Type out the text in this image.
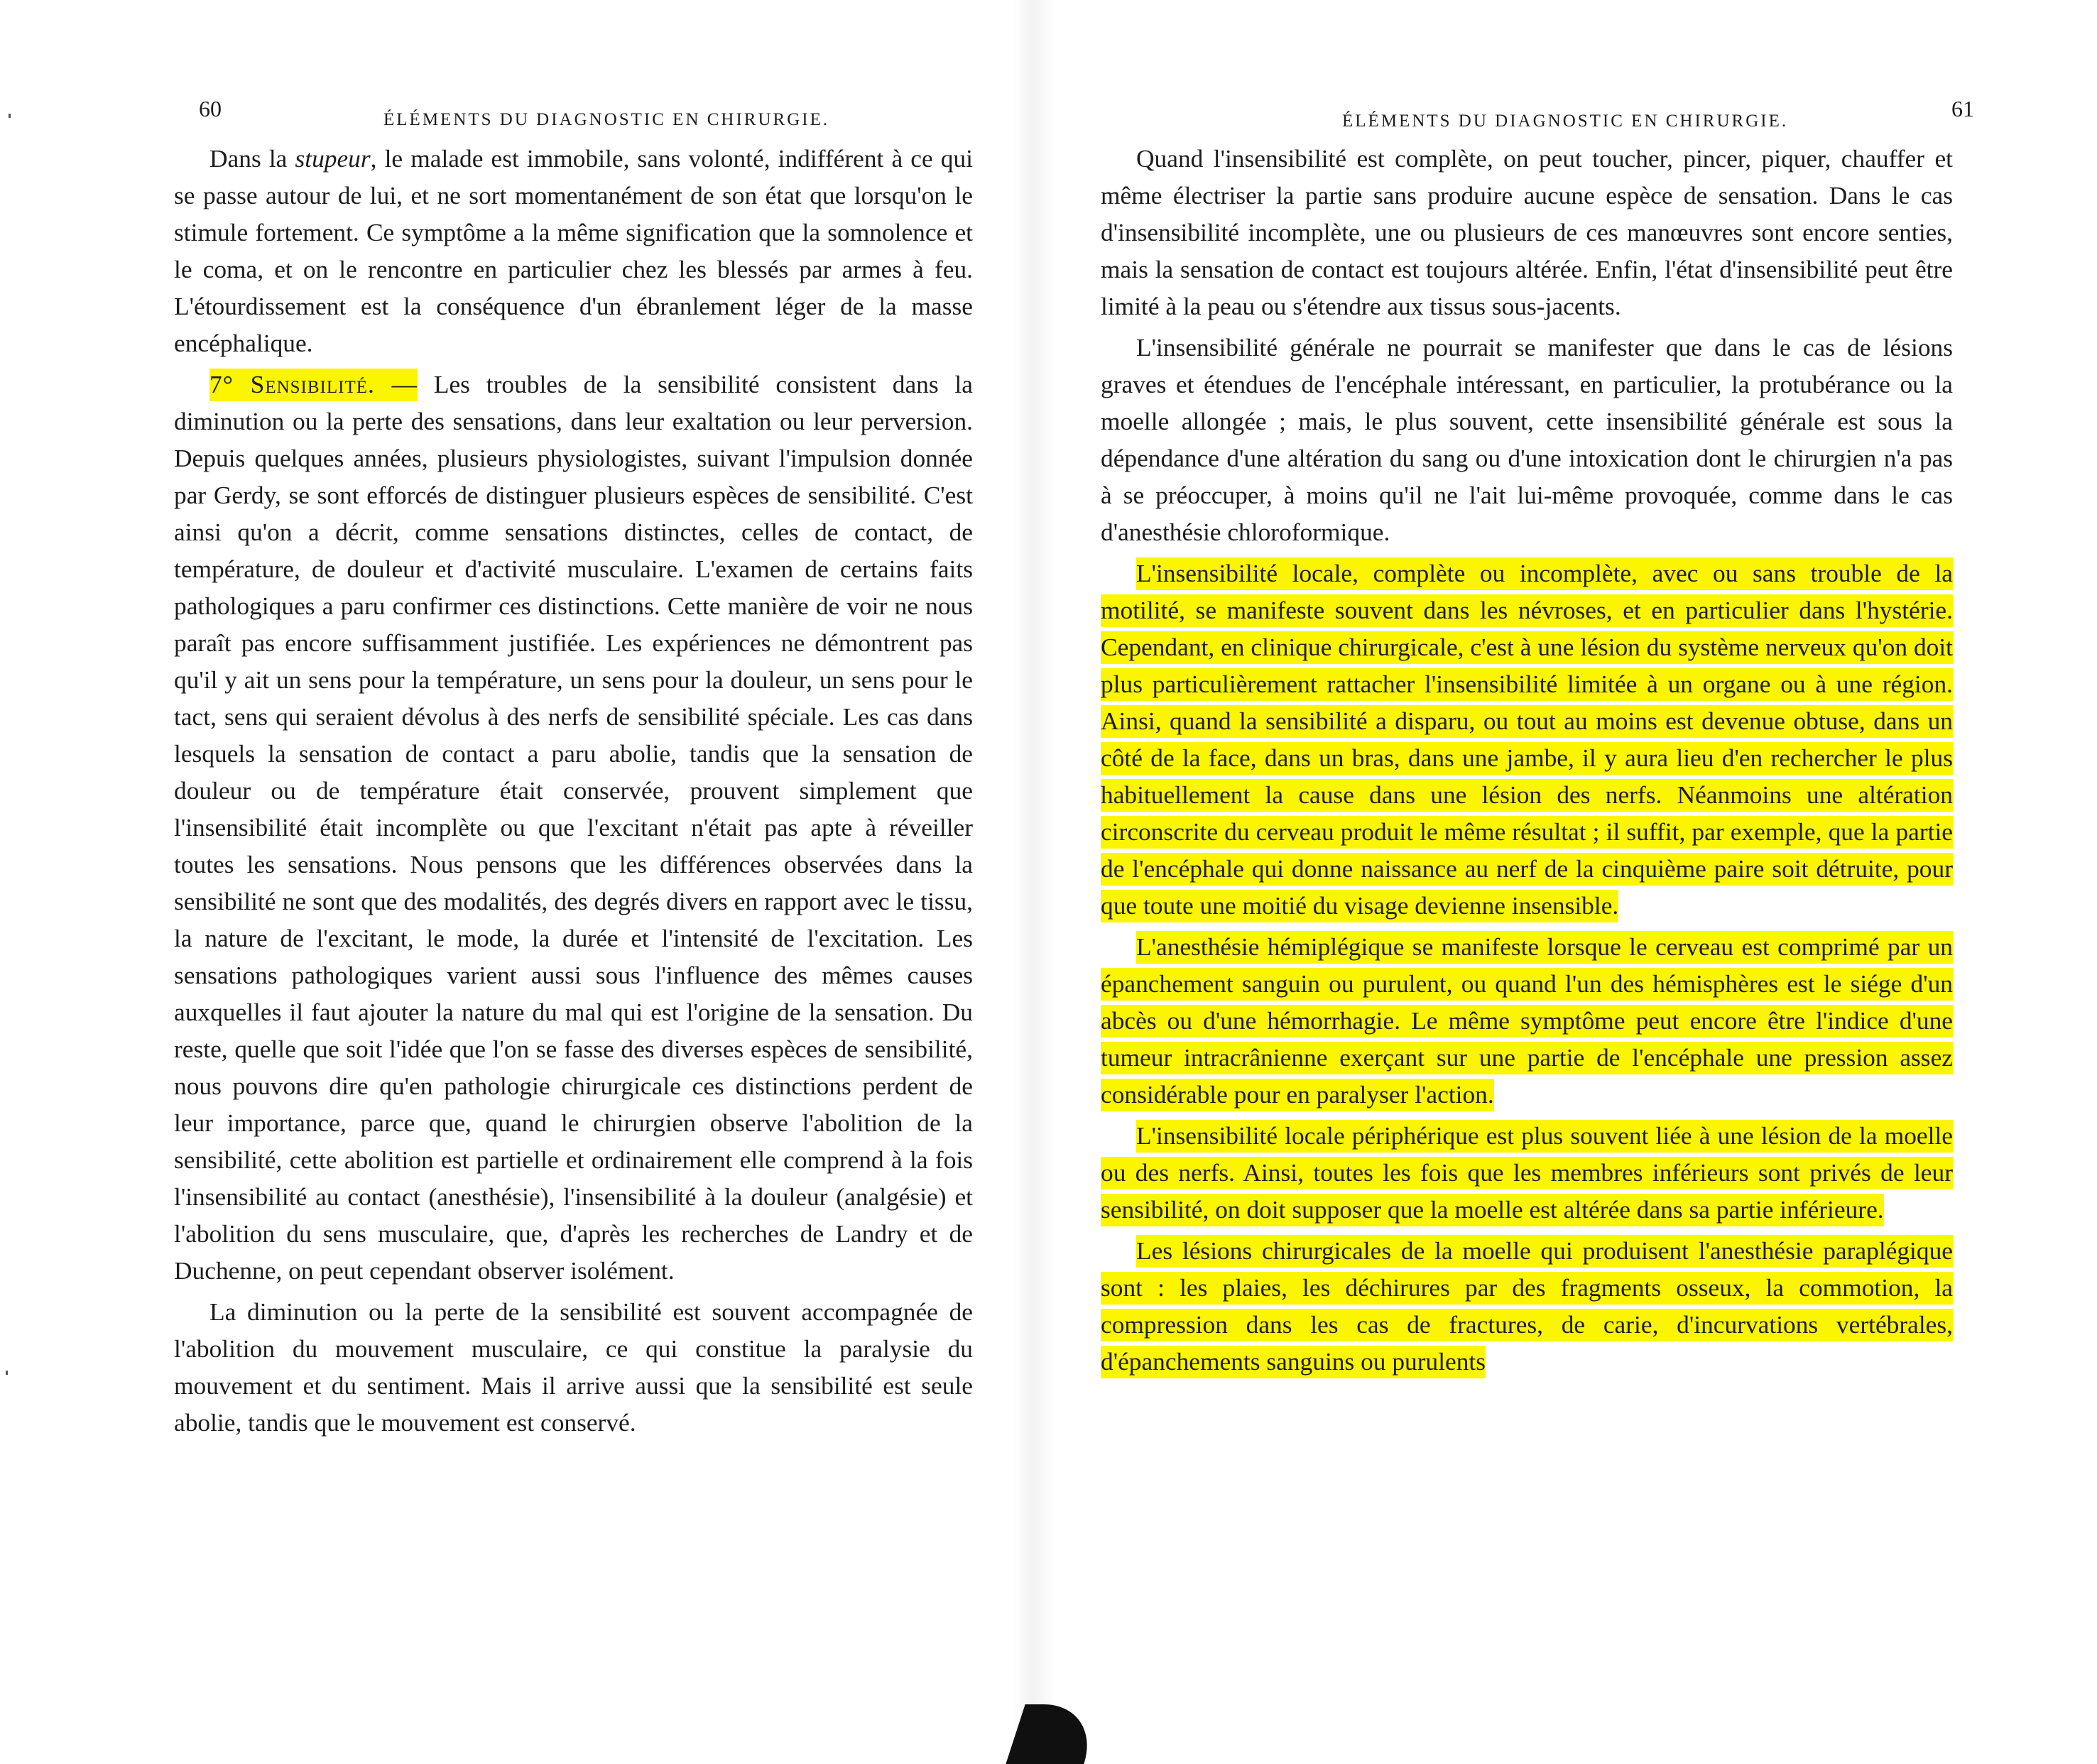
60	ÉLÉMENTS DU DIAGNOSTIC EN CHIRURGIE.

Dans la stupeur, le malade est immobile, sans volonté, indifférent à ce qui se passe autour de lui, et ne sort momentanément de son état que lorsqu'on le stimule fortement. Ce symptôme a la même signification que la somnolence et le coma, et on le rencontre en particulier chez les blessés par armes à feu. L'étourdissement est la conséquence d'un ébranlement léger de la masse encéphalique.

7° Sensibilité. — Les troubles de la sensibilité consistent dans la diminution ou la perte des sensations, dans leur exaltation ou leur perversion. Depuis quelques années, plusieurs physiologistes, suivant l'impulsion donnée par Gerdy, se sont efforcés de distinguer plusieurs espèces de sensibilité. C'est ainsi qu'on a décrit, comme sensations distinctes, celles de contact, de température, de douleur et d'activité musculaire. L'examen de certains faits pathologiques a paru confirmer ces distinctions. Cette manière de voir ne nous paraît pas encore suffisamment justifiée. Les expériences ne démontrent pas qu'il y ait un sens pour la température, un sens pour la douleur, un sens pour le tact, sens qui seraient dévolus à des nerfs de sensibilité spéciale. Les cas dans lesquels la sensation de contact a paru abolie, tandis que la sensation de douleur ou de température était conservée, prouvent simplement que l'insensibilité était incomplète ou que l'excitant n'était pas apte à réveiller toutes les sensations. Nous pensons que les différences observées dans la sensibilité ne sont que des modalités, des degrés divers en rapport avec le tissu, la nature de l'excitant, le mode, la durée et l'intensité de l'excitation. Les sensations pathologiques varient aussi sous l'influence des mêmes causes auxquelles il faut ajouter la nature du mal qui est l'origine de la sensation. Du reste, quelle que soit l'idée que l'on se fasse des diverses espèces de sensibilité, nous pouvons dire qu'en pathologie chirurgicale ces distinctions perdent de leur importance, parce que, quand le chirurgien observe l'abolition de la sensibilité, cette abolition est partielle et ordinairement elle comprend à la fois l'insensibilité au contact (anesthésie), l'insensibilité à la douleur (analgésie) et l'abolition du sens musculaire, que, d'après les recherches de Landry et de Duchenne, on peut cependant observer isolément.

La diminution ou la perte de la sensibilité est souvent accompagnée de l'abolition du mouvement musculaire, ce qui constitue la paralysie du mouvement et du sentiment. Mais il arrive aussi que la sensibilité est seule abolie, tandis que le mouvement est conservé.

ÉLÉMENTS DU DIAGNOSTIC EN CHIRURGIE.	61

Quand l'insensibilité est complète, on peut toucher, pincer, piquer, chauffer et même électriser la partie sans produire aucune espèce de sensation. Dans le cas d'insensibilité incomplète, une ou plusieurs de ces manœuvres sont encore senties, mais la sensation de contact est toujours altérée. Enfin, l'état d'insensibilité peut être limité à la peau ou s'étendre aux tissus sous-jacents.

L'insensibilité générale ne pourrait se manifester que dans le cas de lésions graves et étendues de l'encéphale intéressant, en particulier, la protubérance ou la moelle allongée ; mais, le plus souvent, cette insensibilité générale est sous la dépendance d'une altération du sang ou d'une intoxication dont le chirurgien n'a pas à se préoccuper, à moins qu'il ne l'ait lui-même provoquée, comme dans le cas d'anesthésie chloroformique.

L'insensibilité locale, complète ou incomplète, avec ou sans trouble de la motilité, se manifeste souvent dans les névroses, et en particulier dans l'hystérie. Cependant, en clinique chirurgicale, c'est à une lésion du système nerveux qu'on doit plus particulièrement rattacher l'insensibilité limitée à un organe ou à une région. Ainsi, quand la sensibilité a disparu, ou tout au moins est devenue obtuse, dans un côté de la face, dans un bras, dans une jambe, il y aura lieu d'en rechercher le plus habituellement la cause dans une lésion des nerfs. Néanmoins une altération circonscrite du cerveau produit le même résultat ; il suffit, par exemple, que la partie de l'encéphale qui donne naissance au nerf de la cinquième paire soit détruite, pour que toute une moitié du visage devienne insensible.

L'anesthésie hémiplégique se manifeste lorsque le cerveau est comprimé par un épanchement sanguin ou purulent, ou quand l'un des hémisphères est le siége d'un abcès ou d'une hémorrhagie. Le même symptôme peut encore être l'indice d'une tumeur intracrânienne exerçant sur une partie de l'encéphale une pression assez considérable pour en paralyser l'action.

L'insensibilité locale périphérique est plus souvent liée à une lésion de la moelle ou des nerfs. Ainsi, toutes les fois que les membres inférieurs sont privés de leur sensibilité, on doit supposer que la moelle est altérée dans sa partie inférieure.

Les lésions chirurgicales de la moelle qui produisent l'anesthésie paraplégique sont : les plaies, les déchirures par des fragments osseux, la commotion, la compression dans les cas de fractures, de carie, d'incurvations vertébrales, d'épanchements sanguins ou purulents
